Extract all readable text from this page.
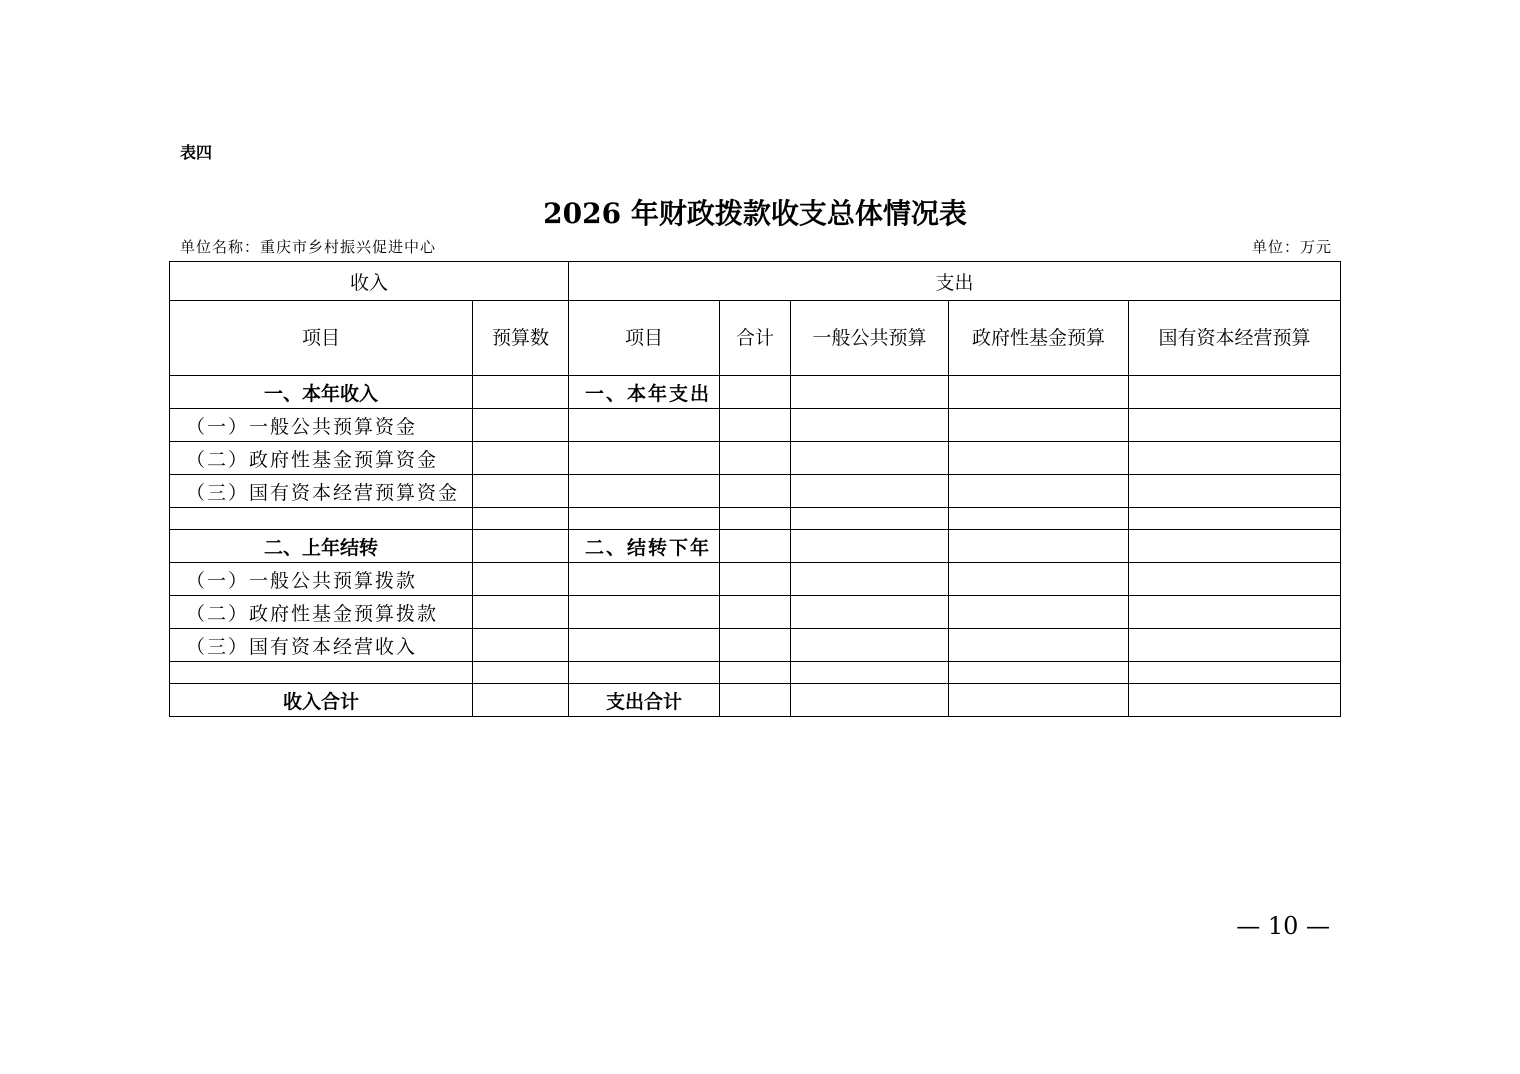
表四
2026 年财政拨款收支总体情况表
单位名称：重庆市乡村振兴促进中心	单位：万元
收入		支出				
项目	预算数	项目	合计	一般公共预算	政府性基金预算	国有资本经营预算
一、本年收入		一、本年支出				
（一）一般公共预算资金						
（二）政府性基金预算资金						
（三）国有资本经营预算资金						

二、上年结转		二、结转下年				
（一）一般公共预算拨款						
（二）政府性基金预算拨款						
（三）国有资本经营收入						

收入合计		支出合计				
— 10 —
